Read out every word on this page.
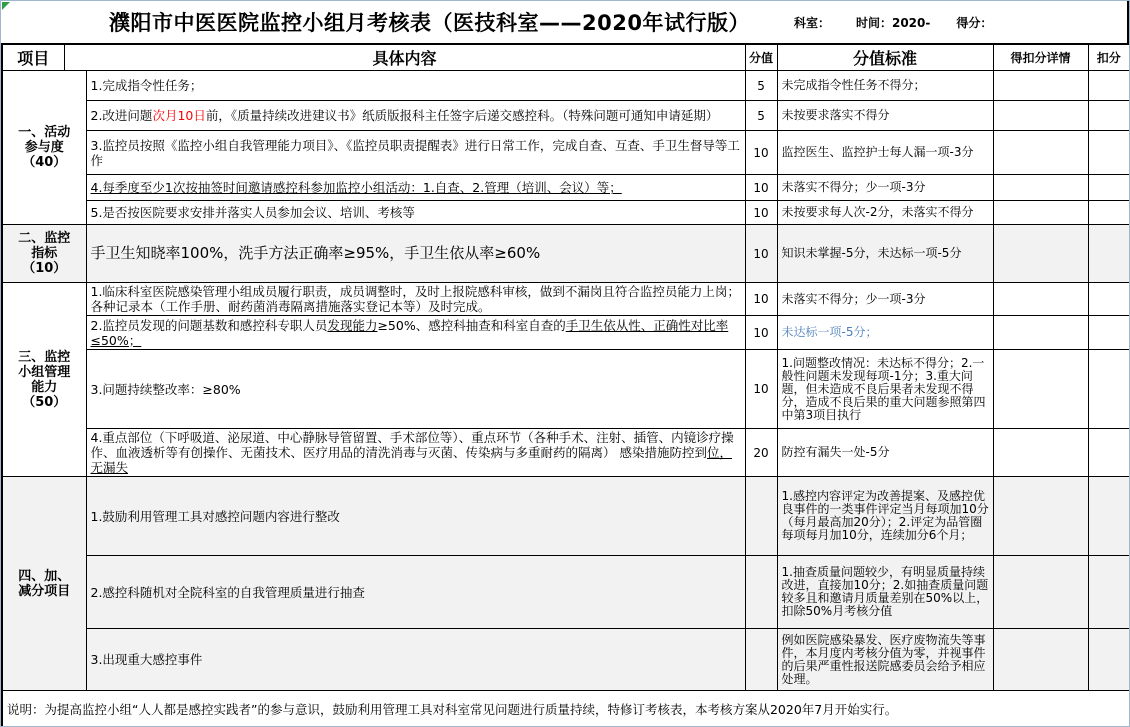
濮阳市中医医院监控小组月考核表（医技科室——2020年试行版）	科室： 时间：2020- 得分：
项目	具体内容		分值	分值标准	得扣分详情	扣分

一、活动
参与度
（40）		1.完成指令性任务；	5	未完成指令性任务不得分；		
		2.改进问题次月10日前，《质量持续改进建议书》纸质版报科主任签字后递交感控科。（特殊问题可通知申请延期）	5	未按要求落实不得分		
		3.监控员按照《监控小组自我管理能力项目》、《监控员职责提醒表》进行日常工作，完成自查、互查、手卫生督导等工作	10	监控医生、监控护士每人漏一项-3分		
		4.每季度至少1次按抽签时间邀请感控科参加监控小组活动：1.自查、2.管理（培训、会议）等；	10	未落实不得分；少一项-3分		
		5.是否按医院要求安排并落实人员参加会议、培训、考核等	10	未按要求每人次-2分，未落实不得分		

二、监控
指标
（10）		手卫生知晓率100%，洗手方法正确率≥95%，手卫生依从率≥60%	10	知识未掌握-5分，未达标一项-5分		

三、监控
小组管理
能力
（50）		1.临床科室医院感染管理小组成员履行职责，成员调整时，及时上报院感科审核，做到不漏岗且符合监控员能力上岗；各种记录本（工作手册、耐药菌消毒隔离措施落实登记本等）及时完成。	10	未落实不得分；少一项-3分		
		2.监控员发现的问题基数和感控科专职人员发现能力≥50%、感控科抽查和科室自查的手卫生依从性、正确性对比率≤50%；	10	未达标一项-5分；		
		3.问题持续整改率：≥80%	10	1.问题整改情况：未达标不得分；2.一般性问题未发现每项-1分；3.重大问题，但未造成不良后果者未发现不得分，造成不良后果的重大问题参照第四中第3项目执行		
		4.重点部位（下呼吸道、泌尿道、中心静脉导管留置、手术部位等）、重点环节（各种手术、注射、插管、内镜诊疗操作、血液透析等有创操作、无菌技术、医疗用品的清洗消毒与灭菌、传染病与多重耐药的隔离） 感染措施防控到位，无漏失	20	防控有漏失一处-5分		

四、加、
减分项目		1.鼓励利用管理工具对感控问题内容进行整改		1.感控内容评定为改善提案、及感控优良事件的一类事件评定当月每项加10分（每月最高加20分）；2.评定为品管圈每项每月加10分，连续加分6个月；		
		2.感控科随机对全院科室的自我管理质量进行抽查		1.抽查质量问题较少，有明显质量持续改进，直接加10分；2.如抽查质量问题较多且和邀请月质量差别在50%以上，扣除50%月考核分值		
		3.出现重大感控事件		例如医院感染暴发、医疗废物流失等事件，本月度内考核分值为零，并视事件的后果严重性报送院感委员会给予相应处理。		
说明：为提高监控小组“人人都是感控实践者”的参与意识，鼓励利用管理工具对科室常见问题进行质量持续，特修订考核表，本考核方案从2020年7月开始实行。						
